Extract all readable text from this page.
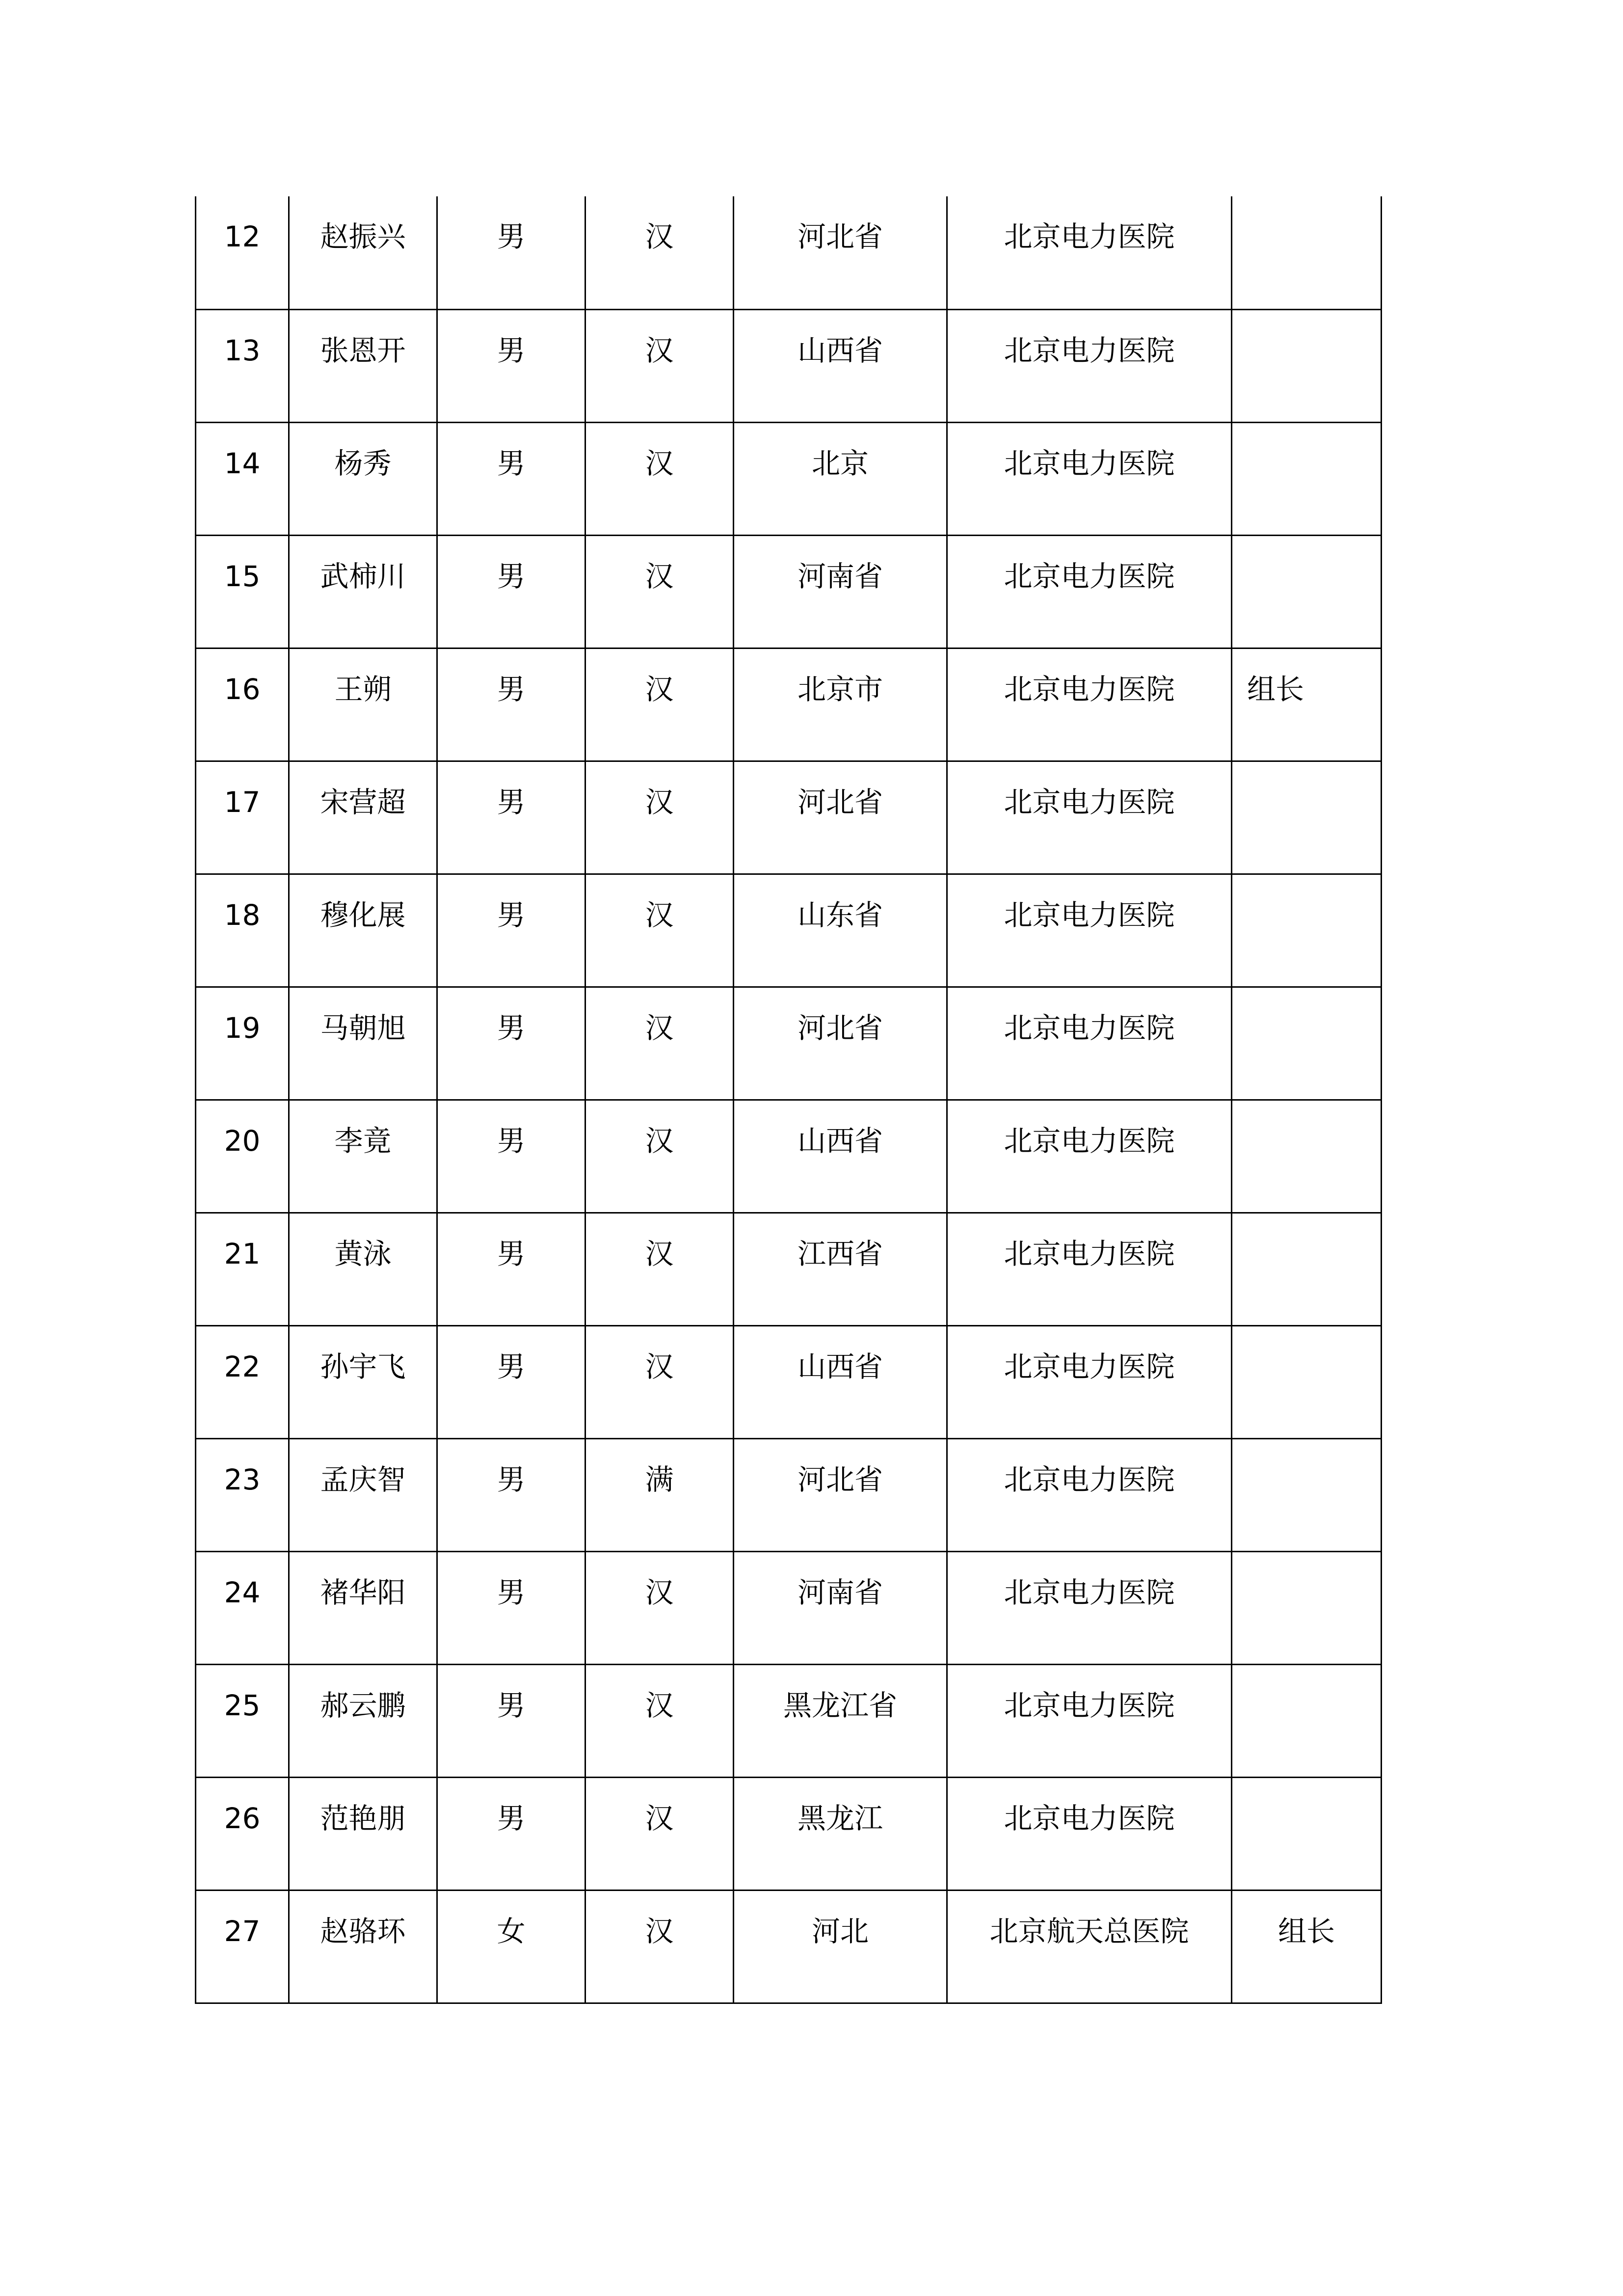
12	赵振兴	男	汉	河北省	北京电力医院	
13	张恩开	男	汉	山西省	北京电力医院	
14	杨秀	男	汉	北京	北京电力医院	
15	武柿川	男	汉	河南省	北京电力医院	
16	王朔	男	汉	北京市	北京电力医院	组长
17	宋营超	男	汉	河北省	北京电力医院	
18	穆化展	男	汉	山东省	北京电力医院	
19	马朝旭	男	汉	河北省	北京电力医院	
20	李竟	男	汉	山西省	北京电力医院	
21	黄泳	男	汉	江西省	北京电力医院	
22	孙宇飞	男	汉	山西省	北京电力医院	
23	孟庆智	男	满	河北省	北京电力医院	
24	褚华阳	男	汉	河南省	北京电力医院	
25	郝云鹏	男	汉	黑龙江省	北京电力医院	
26	范艳朋	男	汉	黑龙江	北京电力医院	
27	赵骆环	女	汉	河北	北京航天总医院	组长
